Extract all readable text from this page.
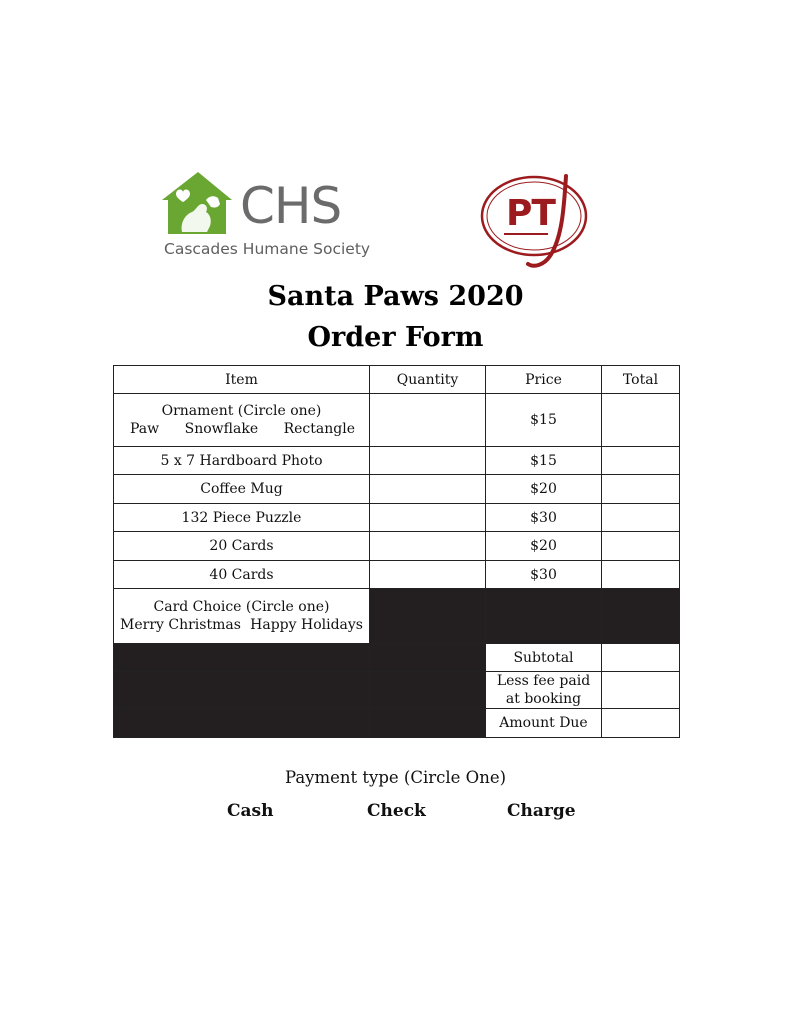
CHS
Cascades Humane Society
PT
Santa Paws 2020
Order Form
Item	Quantity	Price	Total

Ornament (Circle one)
Paw Snowflake Rectangle		$15	
5 x 7 Hardboard Photo		$15	
Coffee Mug		$20	
132 Piece Puzzle		$30	
20 Cards		$20	
40 Cards		$30	

Card Choice (Circle one)
Merry Christmas Happy Holidays			

		Subtotal	
		Less fee paid at booking	
		Amount Due	
Payment type (Circle One)
Cash	Check	Charge
